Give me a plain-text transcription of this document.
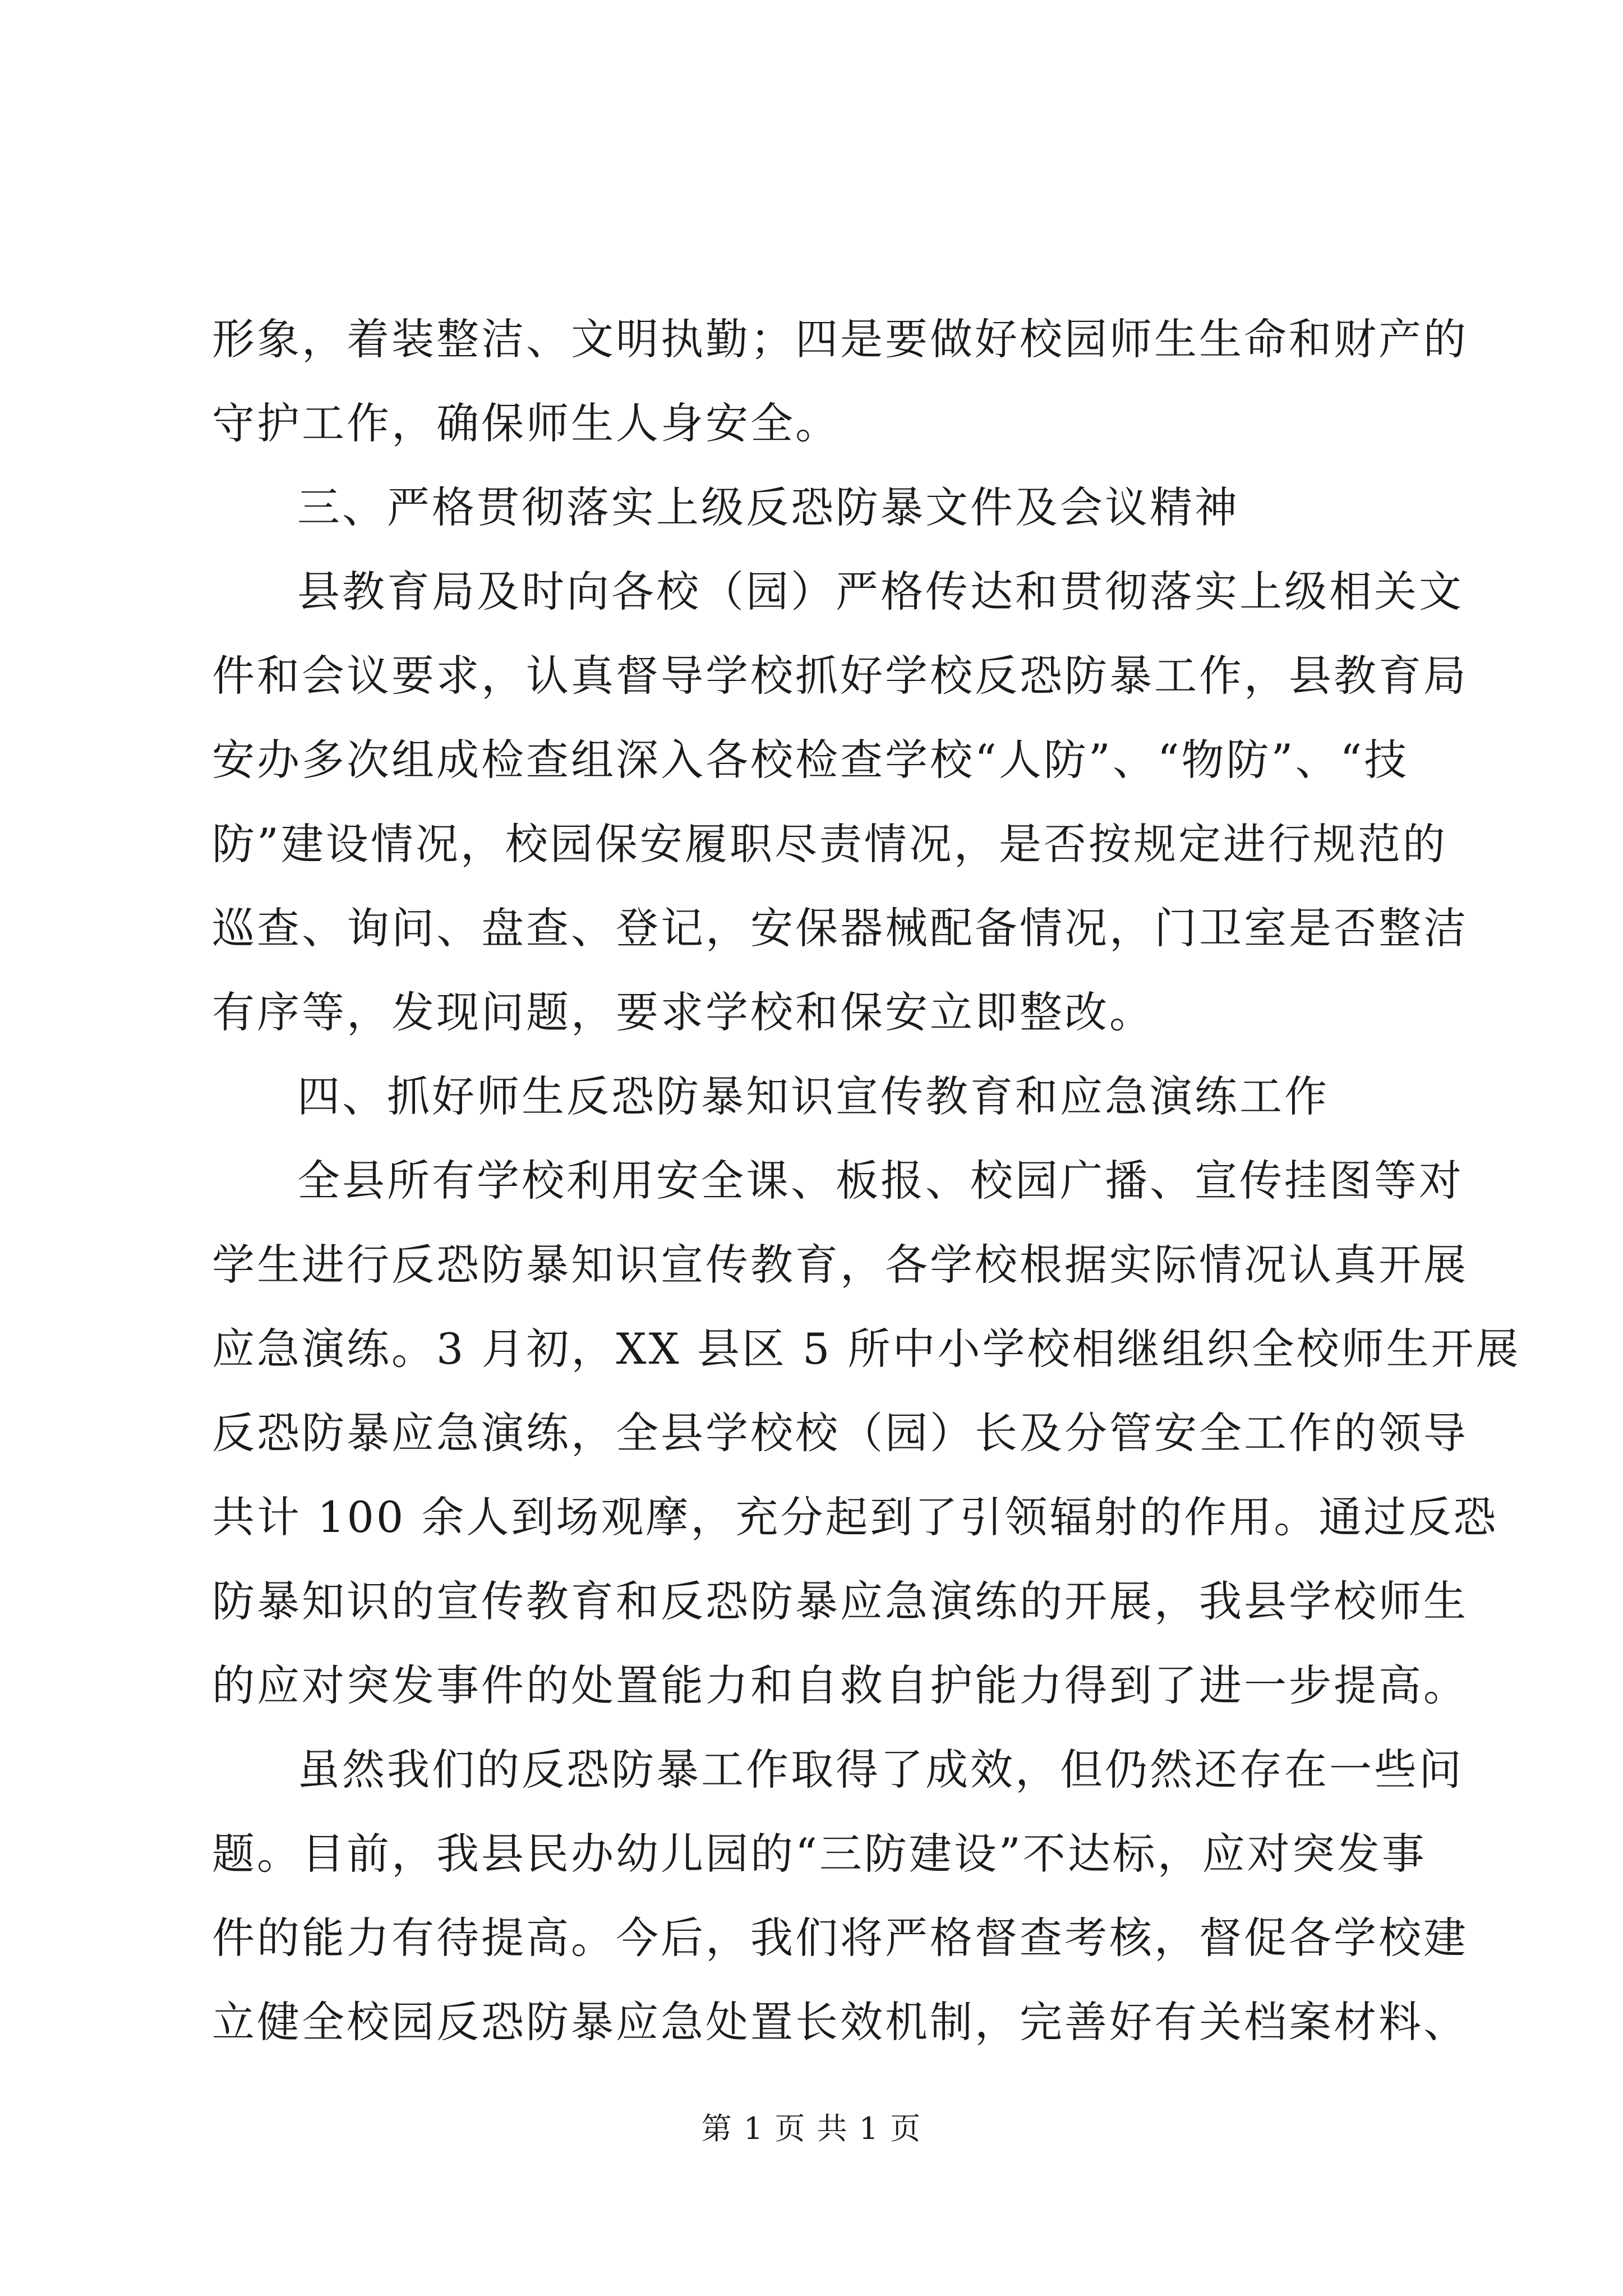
形象，着装整洁、文明执勤；四是要做好校园师生生命和财产的
守护工作，确保师生人身安全。
三、严格贯彻落实上级反恐防暴文件及会议精神
县教育局及时向各校（园）严格传达和贯彻落实上级相关文
件和会议要求，认真督导学校抓好学校反恐防暴工作，县教育局
安办多次组成检查组深入各校检查学校“人防”、“物防”、“技
防”建设情况，校园保安履职尽责情况，是否按规定进行规范的
巡查、询问、盘查、登记，安保器械配备情况，门卫室是否整洁
有序等，发现问题，要求学校和保安立即整改。
四、抓好师生反恐防暴知识宣传教育和应急演练工作
全县所有学校利用安全课、板报、校园广播、宣传挂图等对
学生进行反恐防暴知识宣传教育，各学校根据实际情况认真开展
应急演练。3 月初，XX 县区 5 所中小学校相继组织全校师生开展
反恐防暴应急演练，全县学校校（园）长及分管安全工作的领导
共计 100 余人到场观摩，充分起到了引领辐射的作用。通过反恐
防暴知识的宣传教育和反恐防暴应急演练的开展，我县学校师生
的应对突发事件的处置能力和自救自护能力得到了进一步提高。
虽然我们的反恐防暴工作取得了成效，但仍然还存在一些问
题。目前，我县民办幼儿园的“三防建设”不达标，应对突发事
件的能力有待提高。今后，我们将严格督查考核，督促各学校建
立健全校园反恐防暴应急处置长效机制，完善好有关档案材料、
第 1 页 共 1 页
